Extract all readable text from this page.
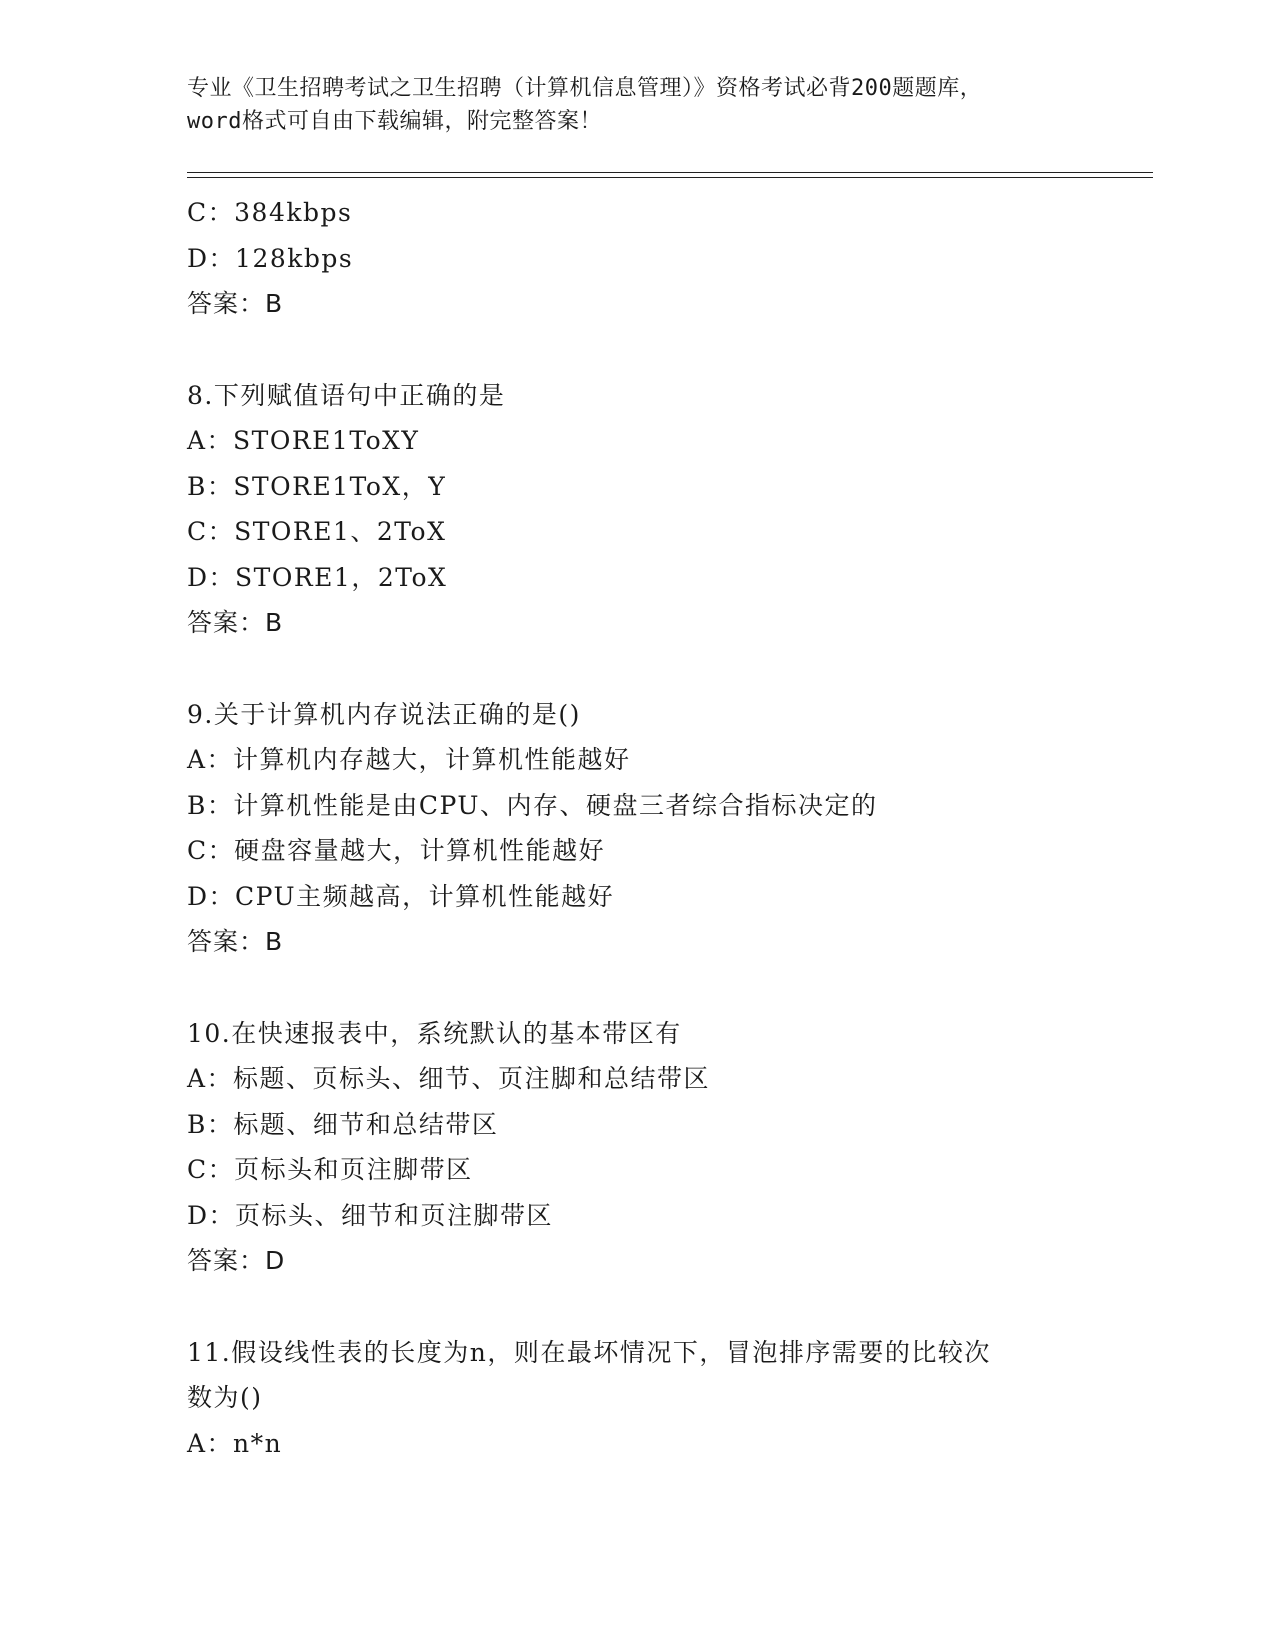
专业《卫生招聘考试之卫生招聘（计算机信息管理）》资格考试必背200题题库，
word格式可自由下载编辑，附完整答案！
C：384kbps
D：128kbps
答案：B
8.下列赋值语句中正确的是
A：STORE1ToXY
B：STORE1ToX，Y
C：STORE1、2ToX
D：STORE1，2ToX
答案：B
9.关于计算机内存说法正确的是()
A：计算机内存越大，计算机性能越好
B：计算机性能是由CPU、内存、硬盘三者综合指标决定的
C：硬盘容量越大，计算机性能越好
D：CPU主频越高，计算机性能越好
答案：B
10.在快速报表中，系统默认的基本带区有
A：标题、页标头、细节、页注脚和总结带区
B：标题、细节和总结带区
C：页标头和页注脚带区
D：页标头、细节和页注脚带区
答案：D
11.假设线性表的长度为n，则在最坏情况下，冒泡排序需要的比较次
数为()
A：n*n
